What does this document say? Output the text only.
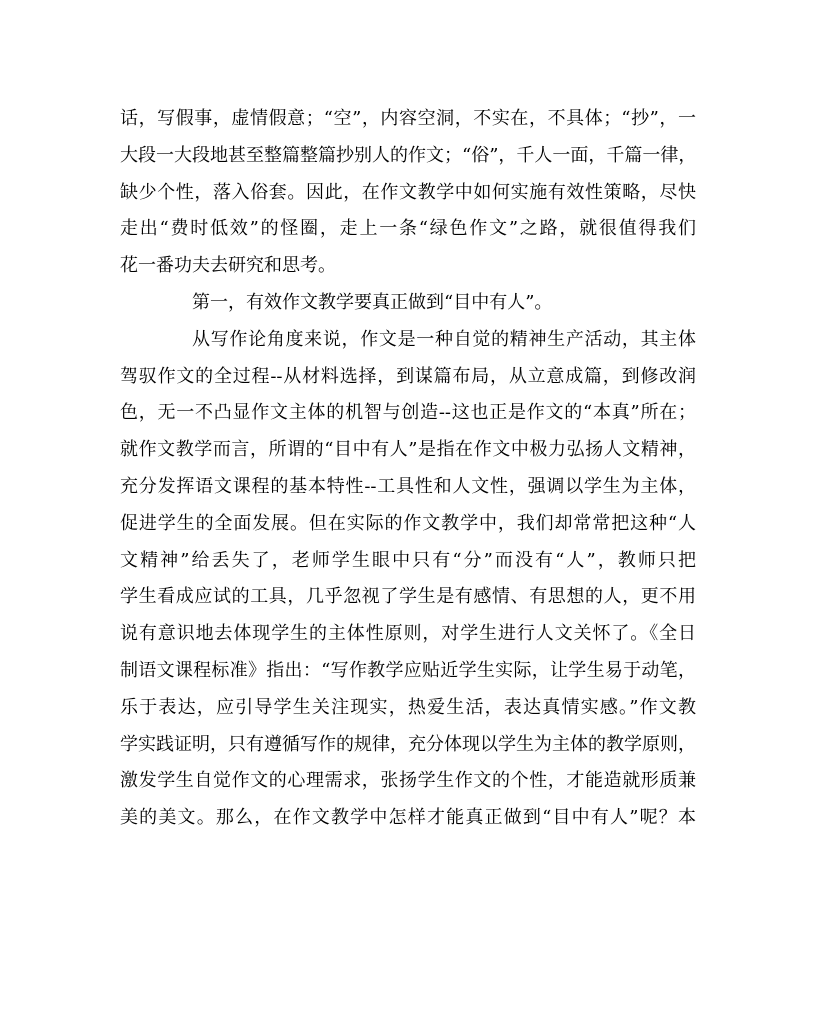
话，写假事，虚情假意；“空”，内容空洞，不实在，不具体；“抄”，一
大段一大段地甚至整篇整篇抄别人的作文；“俗”，千人一面，千篇一律，
缺少个性，落入俗套。因此，在作文教学中如何实施有效性策略，尽快
走出“费时低效”的怪圈，走上一条“绿色作文”之路，就很值得我们
花一番功夫去研究和思考。
第一，有效作文教学要真正做到“目中有人”。
从写作论角度来说，作文是一种自觉的精神生产活动，其主体
驾驭作文的全过程--从材料选择，到谋篇布局，从立意成篇，到修改润
色，无一不凸显作文主体的机智与创造--这也正是作文的“本真”所在；
就作文教学而言，所谓的“目中有人”是指在作文中极力弘扬人文精神，
充分发挥语文课程的基本特性--工具性和人文性，强调以学生为主体，
促进学生的全面发展。但在实际的作文教学中，我们却常常把这种“人
文精神”给丢失了，老师学生眼中只有“分”而没有“人”，教师只把
学生看成应试的工具，几乎忽视了学生是有感情、有思想的人，更不用
说有意识地去体现学生的主体性原则，对学生进行人文关怀了。《全日
制语文课程标准》指出：“写作教学应贴近学生实际，让学生易于动笔，
乐于表达，应引导学生关注现实，热爱生活，表达真情实感。”作文教
学实践证明，只有遵循写作的规律，充分体现以学生为主体的教学原则，
激发学生自觉作文的心理需求，张扬学生作文的个性，才能造就形质兼
美的美文。那么，在作文教学中怎样才能真正做到“目中有人”呢？本
